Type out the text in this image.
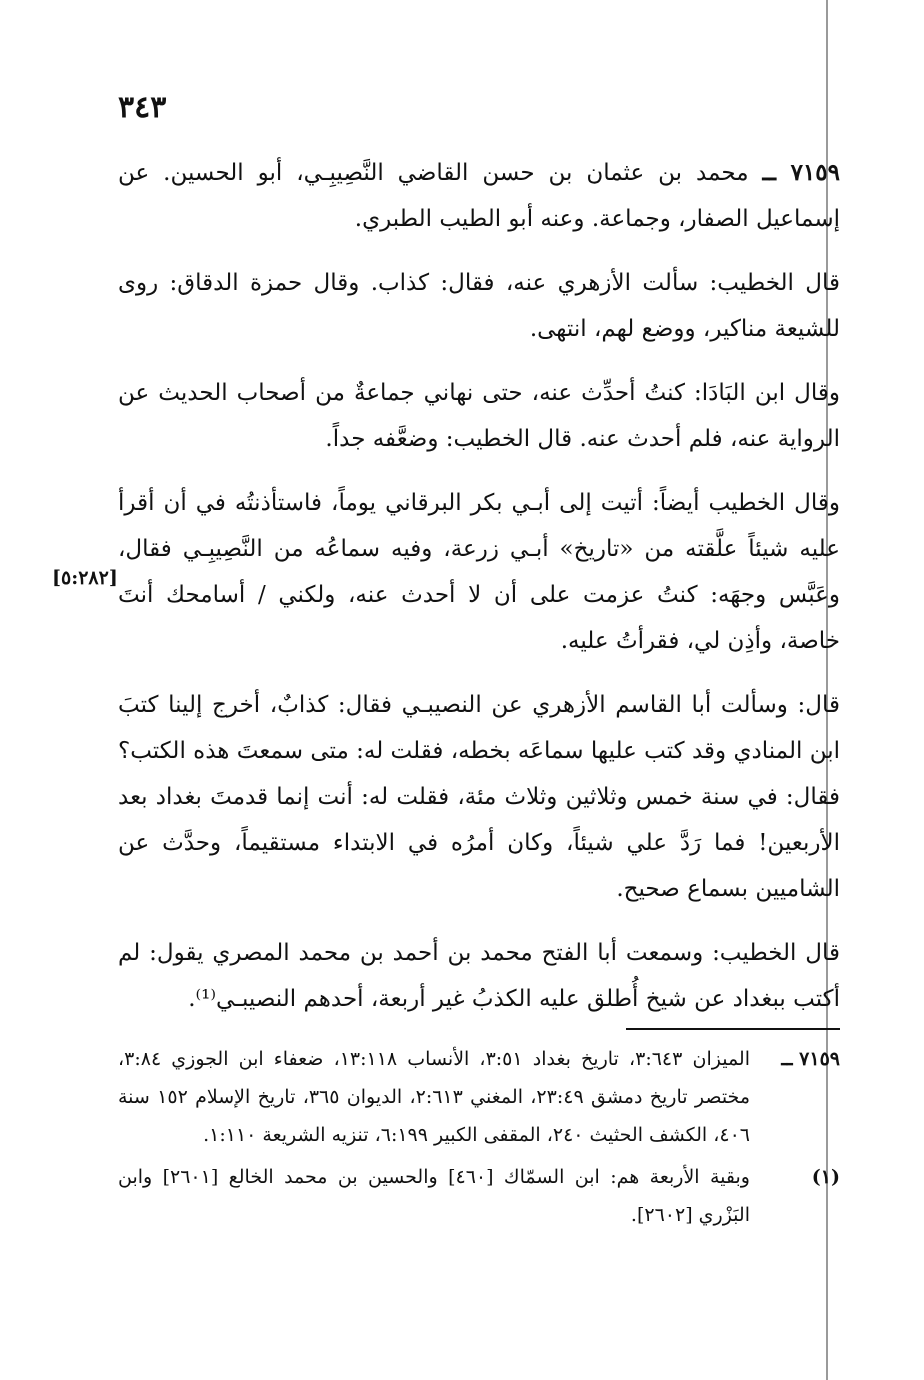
٣٤٣
[٥:٢٨٢]

٧١٥٩ ــ محمد بن عثمان بن حسن القاضي النَّصِيبِـي، أبو الحسين. عن إسماعيل الصفار، وجماعة. وعنه أبو الطيب الطبري.

قال الخطيب: سألت الأزهري عنه، فقال: كذاب. وقال حمزة الدقاق: روى للشيعة مناكير، ووضع لهم، انتهى.

وقال ابن البَادَا: كنتُ أحدِّث عنه، حتى نهاني جماعةٌ من أصحاب الحديث عن الرواية عنه، فلم أحدث عنه. قال الخطيب: وضعَّفه جداً.

وقال الخطيب أيضاً: أتيت إلى أبـي بكر البرقاني يوماً، فاستأذنتُه في أن أقرأ عليه شيئاً علَّقته من «تاريخ» أبـي زرعة، وفيه سماعُه من النَّصِيبِـي فقال، وعَبَّس وجهَه: كنتُ عزمت على أن لا أحدث عنه، ولكني / أسامحك أنتَ خاصة، وأذِن لي، فقرأتُ عليه.

قال: وسألت أبا القاسم الأزهري عن النصيبـي فقال: كذابٌ، أخرج إلينا كتبَ ابن المنادي وقد كتب عليها سماعَه بخطه، فقلت له: متى سمعتَ هذه الكتب؟ فقال: في سنة خمس وثلاثين وثلاث مئة، فقلت له: أنت إنما قدمتَ بغداد بعد الأربعين! فما رَدَّ علي شيئاً، وكان أمرُه في الابتداء مستقيماً، وحدَّث عن الشاميين بسماع صحيح.

قال الخطيب: وسمعت أبا الفتح محمد بن أحمد بن محمد المصري يقول: لم أكتب ببغداد عن شيخ أُطلق عليه الكذبُ غير أربعة، أحدهم النصيبـي⁽¹⁾.

٧١٥٩ ــ
الميزان ٣:٦٤٣، تاريخ بغداد ٣:٥١، الأنساب ١٣:١١٨، ضعفاء ابن الجوزي ٣:٨٤، مختصر تاريخ دمشق ٢٣:٤٩، المغني ٢:٦١٣، الديوان ٣٦٥، تاريخ الإسلام ١٥٢ سنة ٤٠٦، الكشف الحثيث ٢٤٠، المقفى الكبير ٦:١٩٩، تنزيه الشريعة ١:١١٠.

(١)
وبقية الأربعة هم: ابن السمّاك [٤٦٠] والحسين بن محمد الخالع [٢٦٠١] وابن البَزْري [٢٦٠٢].
